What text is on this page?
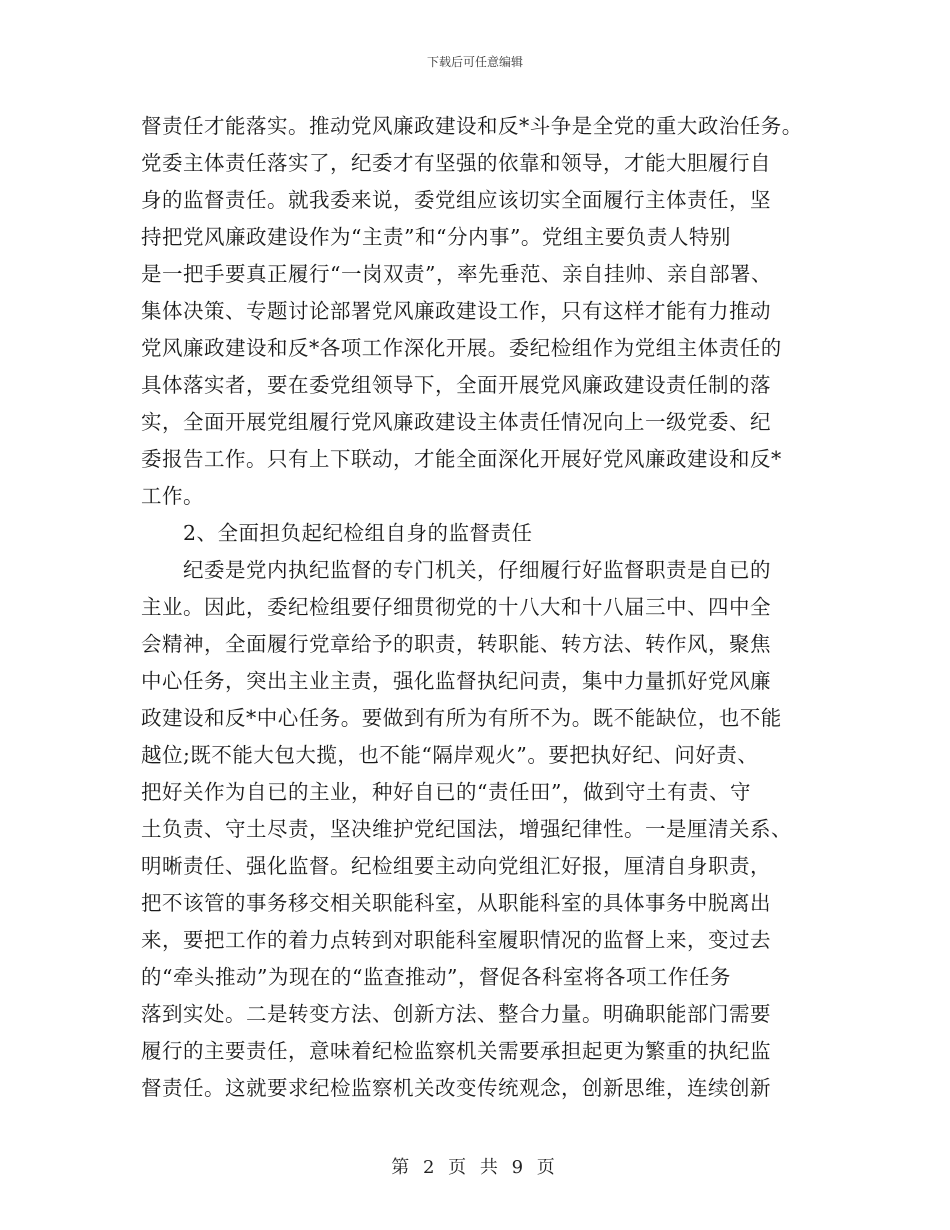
下载后可任意编辑
督责任才能落实。推动党风廉政建设和反*斗争是全党的重大政治任务。
党委主体责任落实了，纪委才有坚强的依靠和领导，才能大胆履行自
身的监督责任。就我委来说，委党组应该切实全面履行主体责任，坚
持把党风廉政建设作为“主责”和“分内事”。党组主要负责人特别
是一把手要真正履行“一岗双责”，率先垂范、亲自挂帅、亲自部署、
集体决策、专题讨论部署党风廉政建设工作，只有这样才能有力推动
党风廉政建设和反*各项工作深化开展。委纪检组作为党组主体责任的
具体落实者，要在委党组领导下，全面开展党风廉政建设责任制的落
实，全面开展党组履行党风廉政建设主体责任情况向上一级党委、纪
委报告工作。只有上下联动，才能全面深化开展好党风廉政建设和反*
工作。
　　2、全面担负起纪检组自身的监督责任
　　纪委是党内执纪监督的专门机关，仔细履行好监督职责是自已的
主业。因此，委纪检组要仔细贯彻党的十八大和十八届三中、四中全
会精神，全面履行党章给予的职责，转职能、转方法、转作风，聚焦
中心任务，突出主业主责，强化监督执纪问责，集中力量抓好党风廉
政建设和反*中心任务。要做到有所为有所不为。既不能缺位，也不能
越位;既不能大包大揽，也不能“隔岸观火”。要把执好纪、问好责、
把好关作为自已的主业，种好自已的“责任田”，做到守土有责、守
土负责、守土尽责，坚决维护党纪国法，增强纪律性。一是厘清关系、
明晰责任、强化监督。纪检组要主动向党组汇好报，厘清自身职责，
把不该管的事务移交相关职能科室，从职能科室的具体事务中脱离出
来，要把工作的着力点转到对职能科室履职情况的监督上来，变过去
的“牵头推动”为现在的“监查推动”，督促各科室将各项工作任务
落到实处。二是转变方法、创新方法、整合力量。明确职能部门需要
履行的主要责任，意味着纪检监察机关需要承担起更为繁重的执纪监
督责任。这就要求纪检监察机关改变传统观念，创新思维，连续创新
第 2 页 共 9 页
